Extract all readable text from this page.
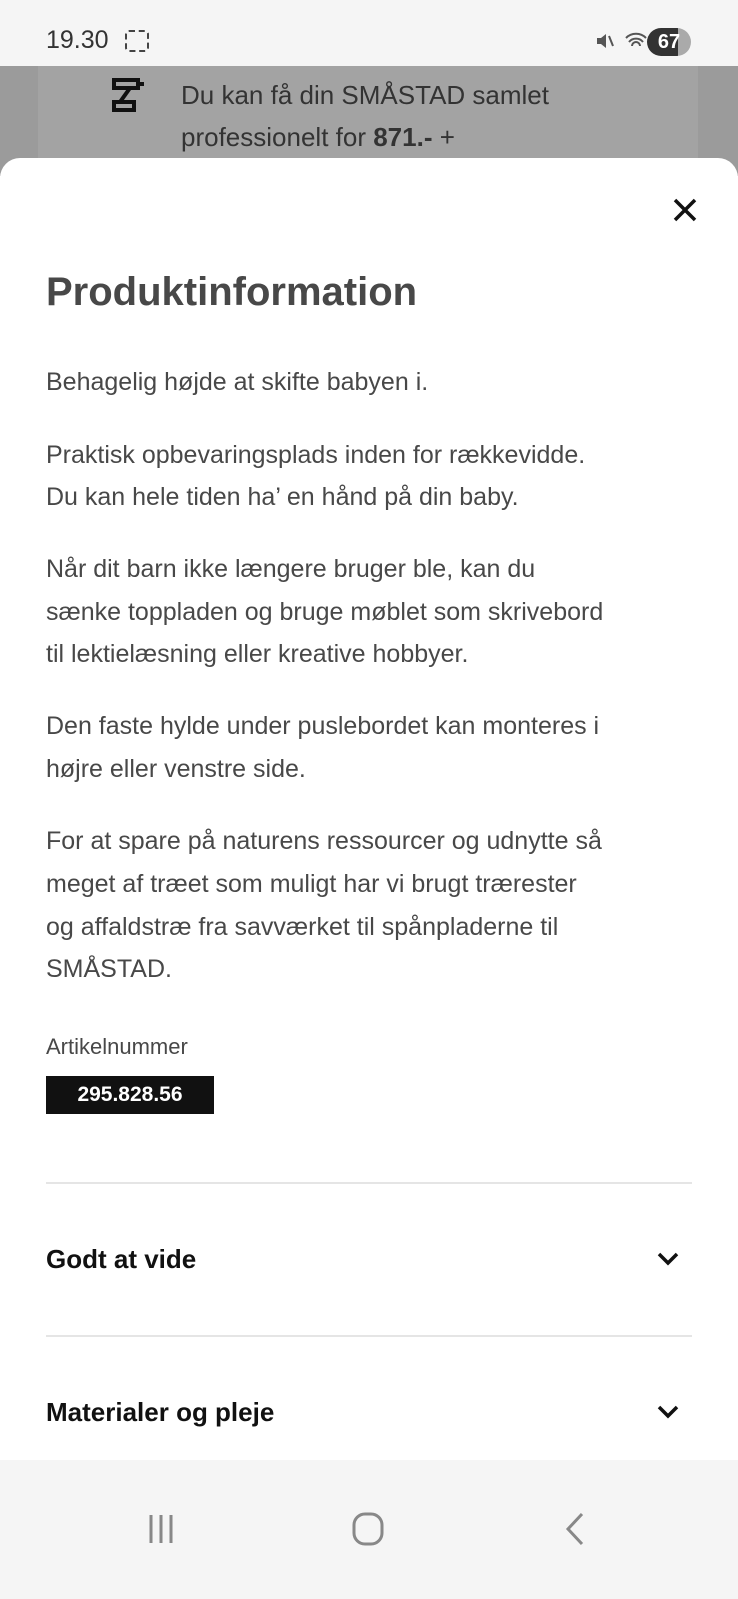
19.30
	67
Du kan få din SMÅSTAD samlet
professionelt for 871.- +
Produktinformation
Behagelig højde at skifte babyen i.
Praktisk opbevaringsplads inden for rækkevidde.
Du kan hele tiden ha’ en hånd på din baby.
Når dit barn ikke længere bruger ble, kan du
sænke toppladen og bruge møblet som skrivebord
til lektielæsning eller kreative hobbyer.
Den faste hylde under puslebordet kan monteres i
højre eller venstre side.
For at spare på naturens ressourcer og udnytte så
meget af træet som muligt har vi brugt trærester
og affaldstræ fra savværket til spånpladerne til
SMÅSTAD.
Artikelnummer
295.828.56
Godt at vide
Materialer og pleje
